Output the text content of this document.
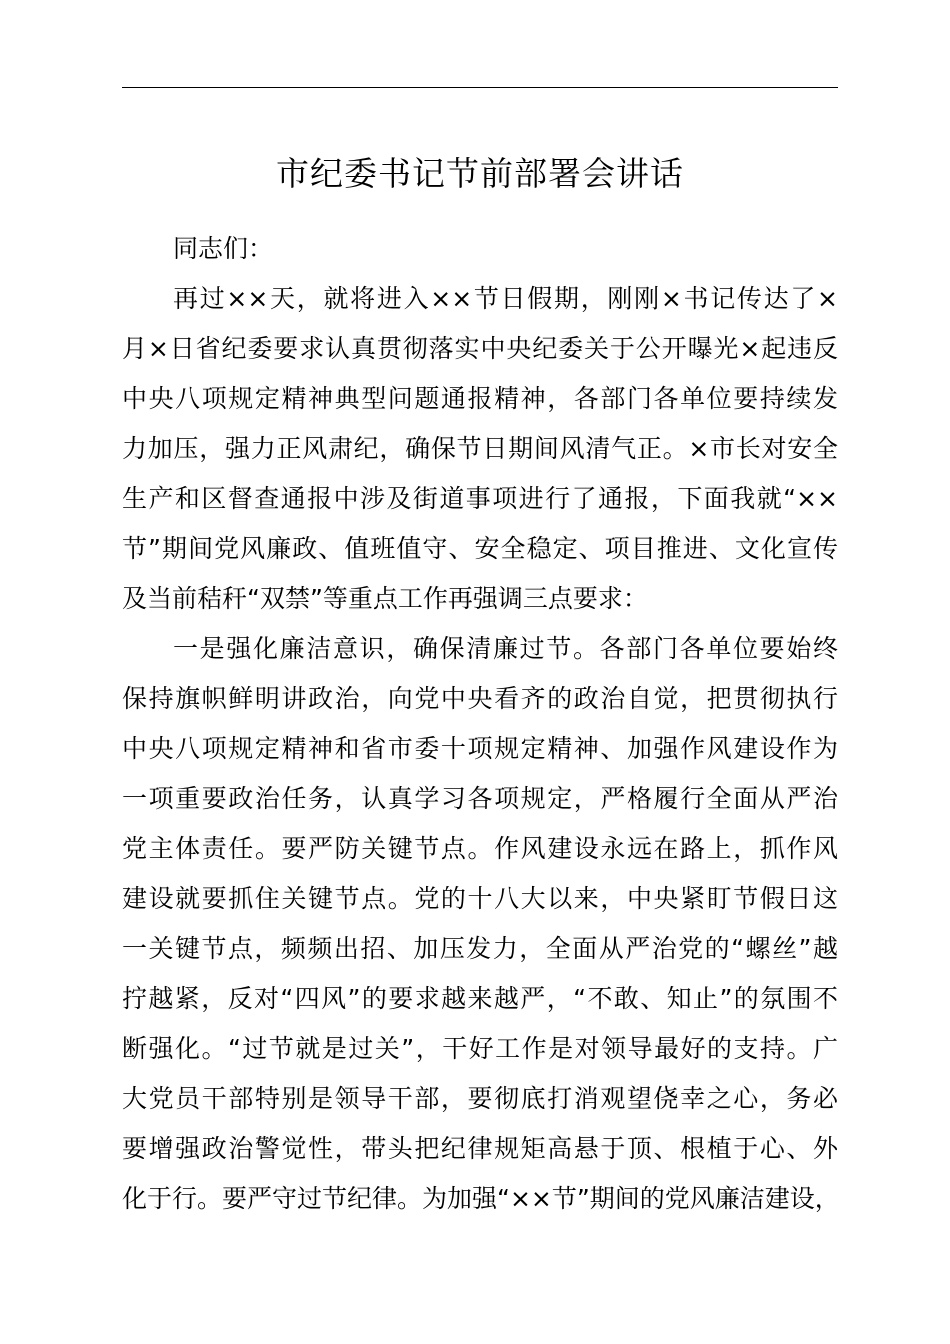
市纪委书记节前部署会讲话
同志们：
再过××天，就将进入××节日假期，刚刚×书记传达了×
月×日省纪委要求认真贯彻落实中央纪委关于公开曝光×起违反
中央八项规定精神典型问题通报精神，各部门各单位要持续发
力加压，强力正风肃纪，确保节日期间风清气正。×市长对安全
生产和区督查通报中涉及街道事项进行了通报，下面我就“××
节”期间党风廉政、值班值守、安全稳定、项目推进、文化宣传
及当前秸秆“双禁”等重点工作再强调三点要求：
一是强化廉洁意识，确保清廉过节。各部门各单位要始终
保持旗帜鲜明讲政治，向党中央看齐的政治自觉，把贯彻执行
中央八项规定精神和省市委十项规定精神、加强作风建设作为
一项重要政治任务，认真学习各项规定，严格履行全面从严治
党主体责任。要严防关键节点。作风建设永远在路上，抓作风
建设就要抓住关键节点。党的十八大以来，中央紧盯节假日这
一关键节点，频频出招、加压发力，全面从严治党的“螺丝”越
拧越紧，反对“四风”的要求越来越严，“不敢、知止”的氛围不
断强化。“过节就是过关”，干好工作是对领导最好的支持。广
大党员干部特别是领导干部，要彻底打消观望侥幸之心，务必
要增强政治警觉性，带头把纪律规矩高悬于顶、根植于心、外
化于行。要严守过节纪律。为加强“××节”期间的党风廉洁建设，
